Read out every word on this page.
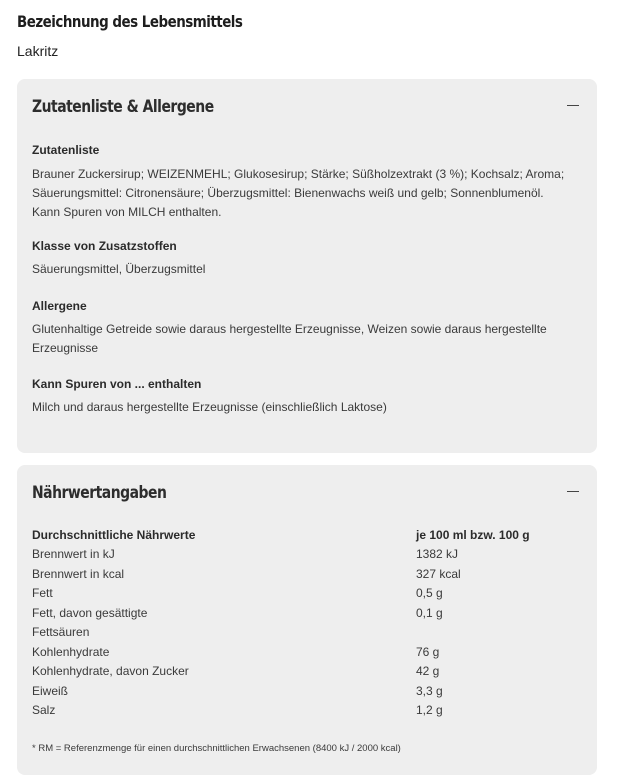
Bezeichnung des Lebensmittels
Lakritz
Zutatenliste & Allergene
Zutatenliste
Brauner Zuckersirup; WEIZENMEHL; Glukosesirup; Stärke; Süßholzextrakt (3 %); Kochsalz; Aroma; Säuerungsmittel: Citronensäure; Überzugsmittel: Bienenwachs weiß und gelb; Sonnenblumenöl. Kann Spuren von MILCH enthalten.
Klasse von Zusatzstoffen
Säuerungsmittel, Überzugsmittel
Allergene
Glutenhaltige Getreide sowie daraus hergestellte Erzeugnisse, Weizen sowie daraus hergestellte Erzeugnisse
Kann Spuren von ... enthalten
Milch und daraus hergestellte Erzeugnisse (einschließlich Laktose)
Nährwertangaben
Durchschnittliche Nährwerte	je 100 ml bzw. 100 g
Brennwert in kJ	1382 kJ
Brennwert in kcal	327 kcal
Fett	0,5 g
Fett, davon gesättigte	0,1 g
Fettsäuren
Kohlenhydrate	76 g
Kohlenhydrate, davon Zucker	42 g
Eiweiß	3,3 g
Salz	1,2 g
* RM = Referenzmenge für einen durchschnittlichen Erwachsenen (8400 kJ / 2000 kcal)
